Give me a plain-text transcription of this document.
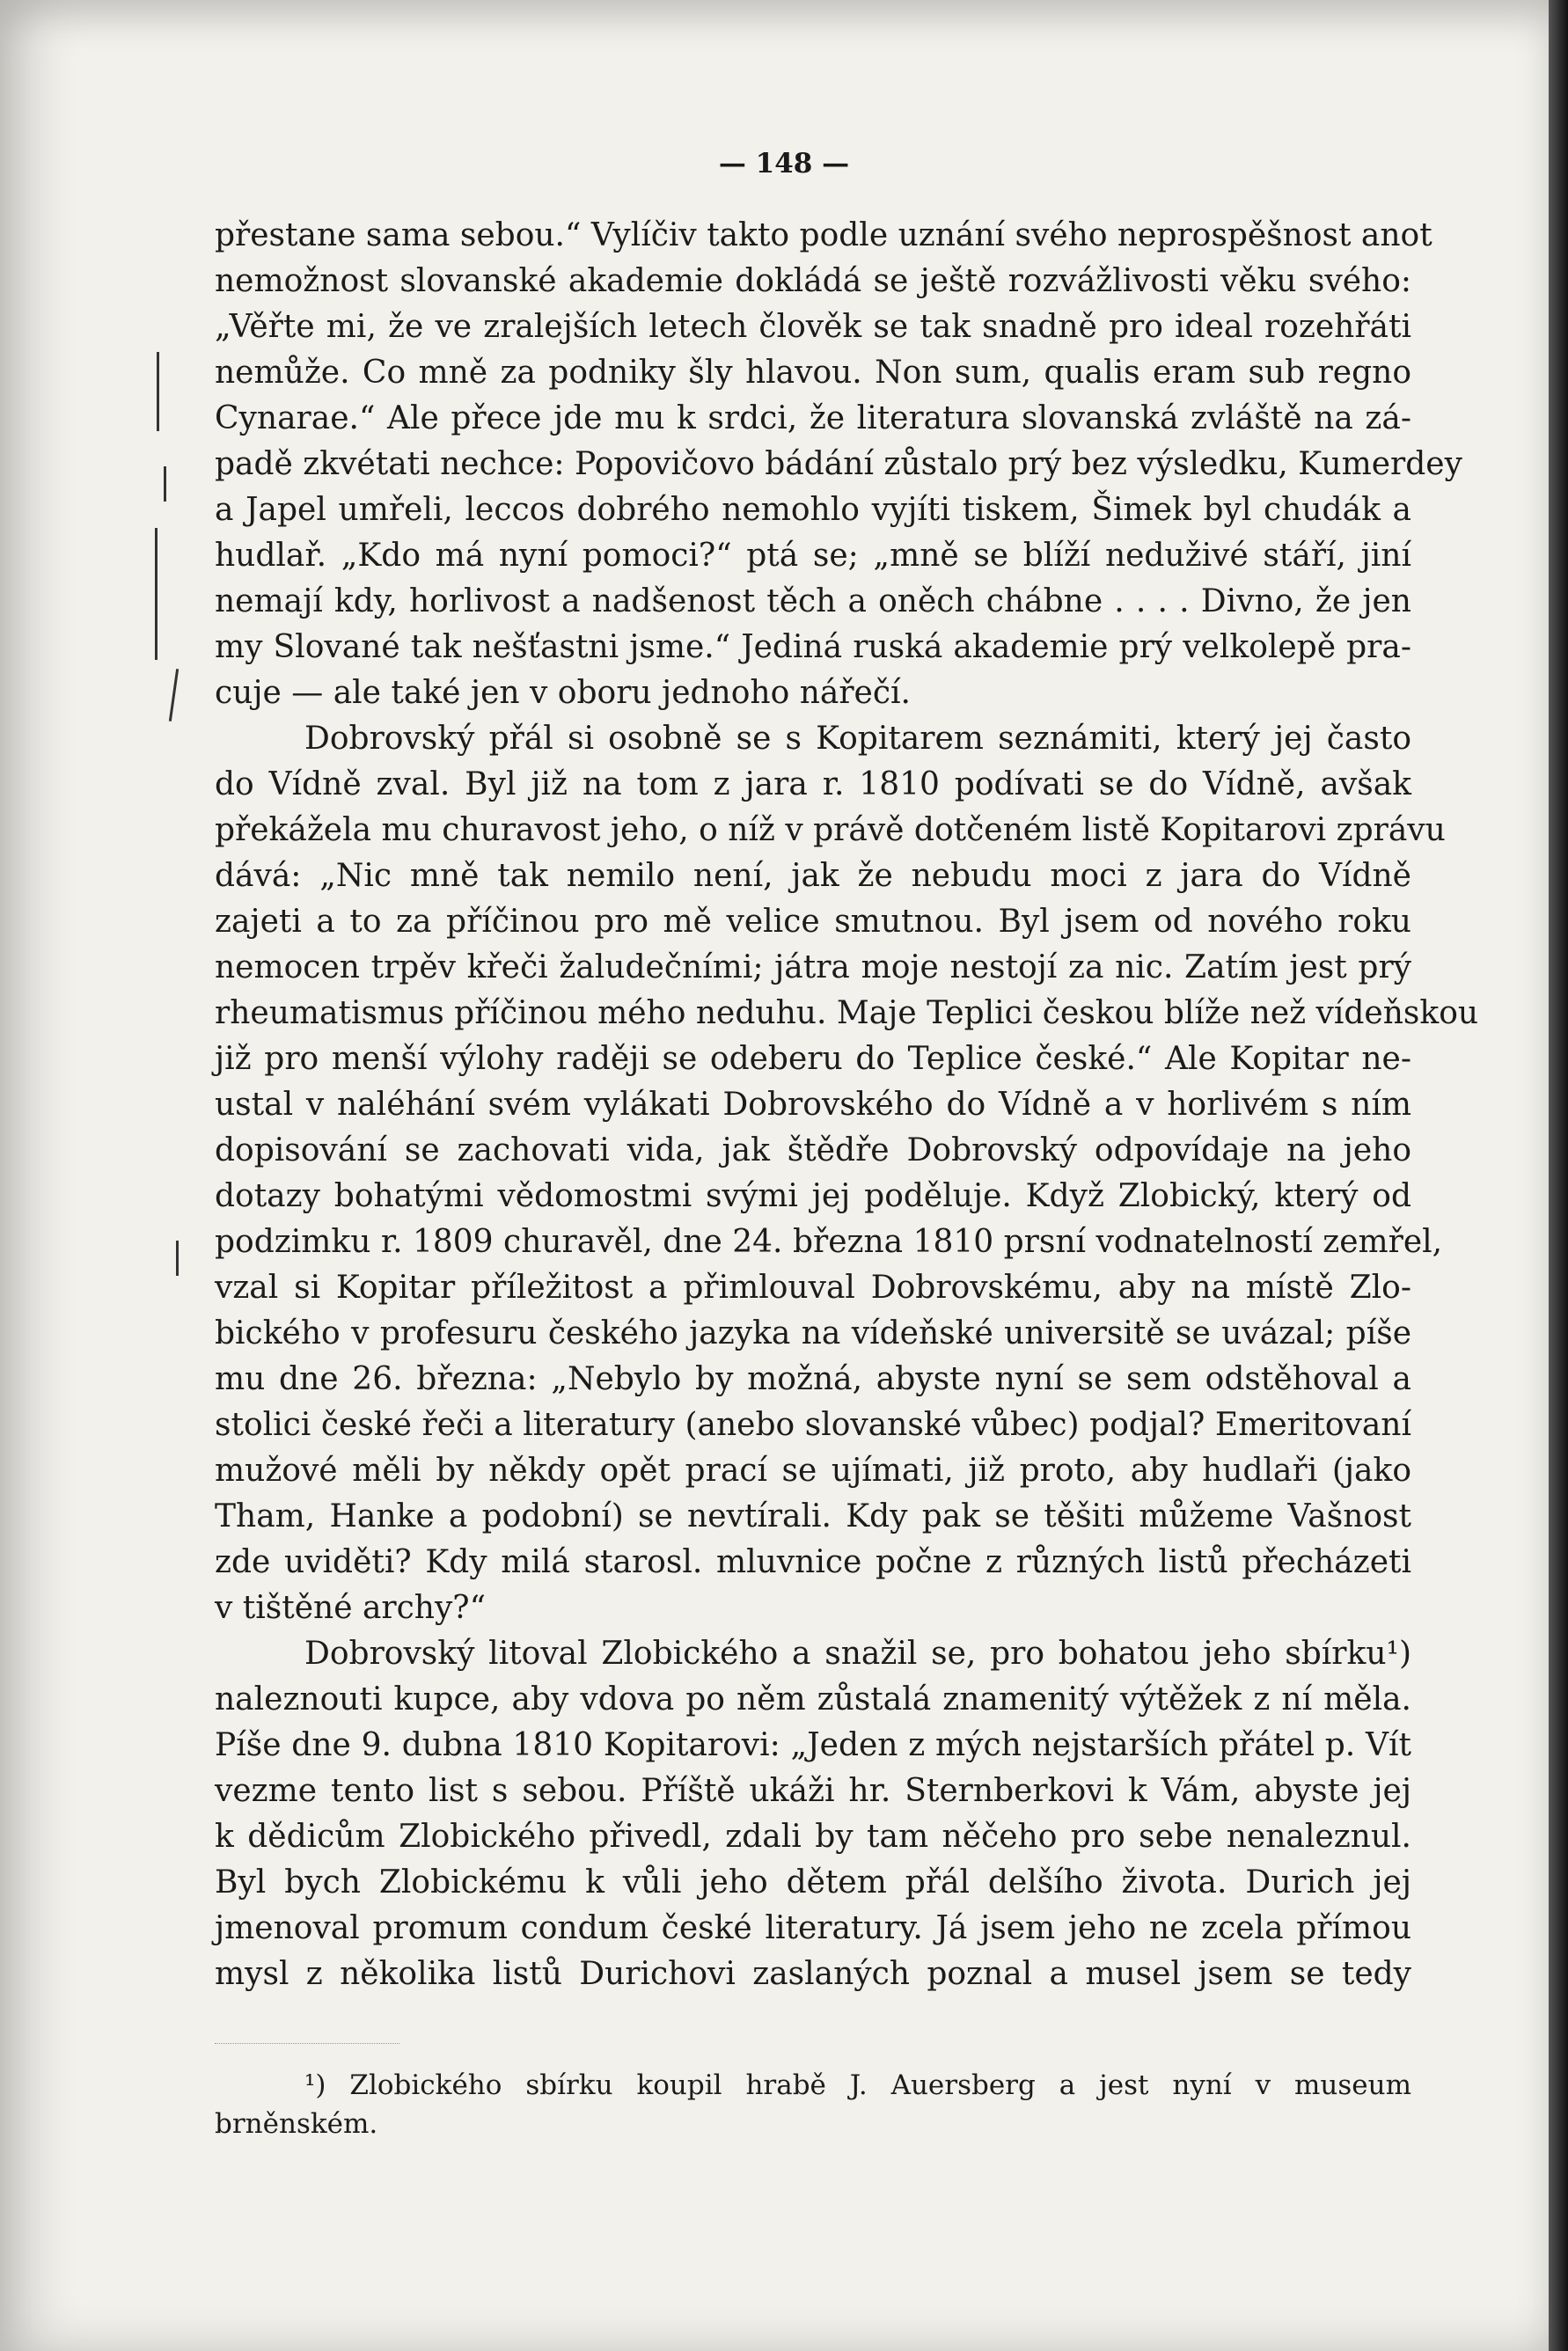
— 148 —
přestane sama sebou.“ Vylíčiv takto podle uznání svého neprospěšnost anot
nemožnost slovanské akademie dokládá se ještě rozvážlivosti věku svého:
„Věřte mi, že ve zralejších letech člověk se tak snadně pro ideal rozehřáti
nemůže. Co mně za podniky šly hlavou. Non sum, qualis eram sub regno
Cynarae.“ Ale přece jde mu k srdci, že literatura slovanská zvláště na zá-
padě zkvétati nechce: Popovičovo bádání zůstalo prý bez výsledku, Kumerdey
a Japel umřeli, leccos dobrého nemohlo vyjíti tiskem, Šimek byl chudák a
hudlař. „Kdo má nyní pomoci?“ ptá se; „mně se blíží neduživé stáří, jiní
nemají kdy, horlivost a nadšenost těch a oněch chábne . . . . Divno, že jen
my Slované tak nešťastni jsme.“ Jediná ruská akademie prý velkolepě pra-
cuje — ale také jen v oboru jednoho nářečí.
Dobrovský přál si osobně se s Kopitarem seznámiti, který jej často
do Vídně zval. Byl již na tom z jara r. 1810 podívati se do Vídně, avšak
překážela mu churavost jeho, o níž v právě dotčeném listě Kopitarovi zprávu
dává: „Nic mně tak nemilo není, jak že nebudu moci z jara do Vídně
zajeti a to za příčinou pro mě velice smutnou. Byl jsem od nového roku
nemocen trpěv křeči žaludečními; játra moje nestojí za nic. Zatím jest prý
rheumatismus příčinou mého neduhu. Maje Teplici českou blíže než vídeňskou
již pro menší výlohy raději se odeberu do Teplice české.“ Ale Kopitar ne-
ustal v naléhání svém vylákati Dobrovského do Vídně a v horlivém s ním
dopisování se zachovati vida, jak štědře Dobrovský odpovídaje na jeho
dotazy bohatými vědomostmi svými jej poděluje. Když Zlobický, který od
podzimku r. 1809 churavěl, dne 24. března 1810 prsní vodnatelností zemřel,
vzal si Kopitar příležitost a přimlouval Dobrovskému, aby na místě Zlo-
bického v profesuru českého jazyka na vídeňské universitě se uvázal; píše
mu dne 26. března: „Nebylo by možná, abyste nyní se sem odstěhoval a
stolici české řeči a literatury (anebo slovanské vůbec) podjal? Emeritovaní
mužové měli by někdy opět prací se ujímati, již proto, aby hudlaři (jako
Tham, Hanke a podobní) se nevtírali. Kdy pak se těšiti můžeme Vašnost
zde uviděti? Kdy milá starosl. mluvnice počne z různých listů přecházeti
v tištěné archy?“
Dobrovský litoval Zlobického a snažil se, pro bohatou jeho sbírku¹)
naleznouti kupce, aby vdova po něm zůstalá znamenitý výtěžek z ní měla.
Píše dne 9. dubna 1810 Kopitarovi: „Jeden z mých nejstarších přátel p. Vít
vezme tento list s sebou. Příště ukáži hr. Sternberkovi k Vám, abyste jej
k dědicům Zlobického přivedl, zdali by tam něčeho pro sebe nenaleznul.
Byl bych Zlobickému k vůli jeho dětem přál delšího života. Durich jej
jmenoval promum condum české literatury. Já jsem jeho ne zcela přímou
mysl z několika listů Durichovi zaslaných poznal a musel jsem se tedy
¹) Zlobického sbírku koupil hrabě J. Auersberg a jest nyní v museum
brněnském.
